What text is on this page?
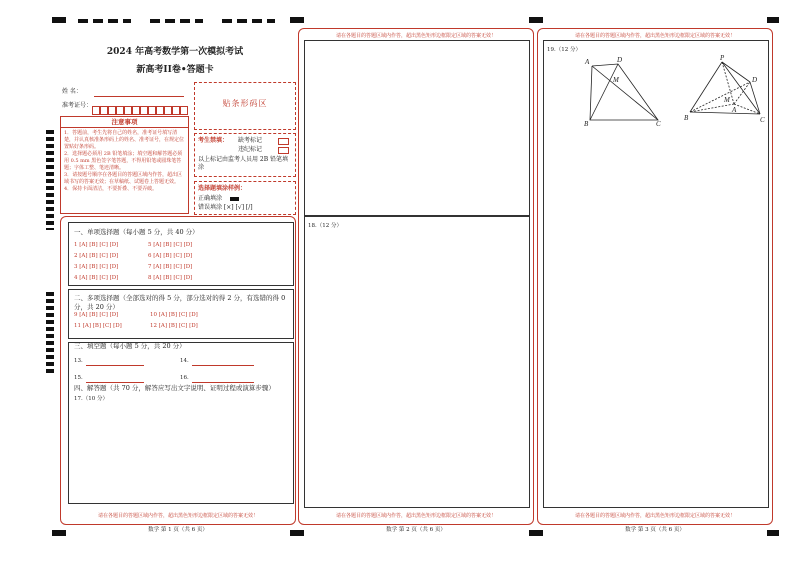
2024 年高考数学第一次模拟考试
新高考II卷•答题卡
姓 名：
准考证号：
注意事项
1．答题前，考生先将自己的姓名，准考证号填写清楚，并认真核准条形码上的姓名、准考证号，在规定位置贴好条形码。
2．选择题必须用 2B 铅笔填涂；填空题和解答题必须用 0.5 mm 黑色签字笔答题，不得用铅笔或圆珠笔答题；字体工整、笔迹清晰。
3．请按题号顺序在各题目的答题区域内作答，超出区域书写的答案无效；在草稿纸、试题卷上答题无效。
4．保持卡面清洁，不要折叠、不要弄破。
贴条形码区
考生禁填： 缺考标记
违纪标记
以上标记由监考人员用 2B 铅笔填涂
选择题填涂样例：
正确填涂
错误填涂 [×] [√] [/]
一、单项选择题（每小题 5 分，共 40 分）
1 [A] [B] [C] [D]	5 [A] [B] [C] [D]
2 [A] [B] [C] [D]	6 [A] [B] [C] [D]
3 [A] [B] [C] [D]	7 [A] [B] [C] [D]
4 [A] [B] [C] [D]	8 [A] [B] [C] [D]
二、多项选择题（全部选对的得 5 分，部分选对的得 2 分，有选错的得 0 分，共 20 分）
9 [A] [B] [C] [D]	10 [A] [B] [C] [D]
11 [A] [B] [C] [D]	12 [A] [B] [C] [D]
三、填空题（每小题 5 分，共 20 分）
13.	14.
15.	16.
四、解答题（共 70 分，解答应写出文字说明、证明过程或演算步骤）
17.（10 分）
请在各题目的答题区域内作答，超出黑色矩形边框限定区域的答案无效！
数学 第 1 页（共 6 页）
请在各题目的答题区域内作答，超出黑色矩形边框限定区域的答案无效！
18.（12 分）
请在各题目的答题区域内作答，超出黑色矩形边框限定区域的答案无效！
数学 第 2 页（共 6 页）
请在各题目的答题区域内作答，超出黑色矩形边框限定区域的答案无效！
19.（12 分）
A	D
M
B	C
P
D
M
A
B	C
请在各题目的答题区域内作答，超出黑色矩形边框限定区域的答案无效！
数学 第 3 页（共 6 页）
